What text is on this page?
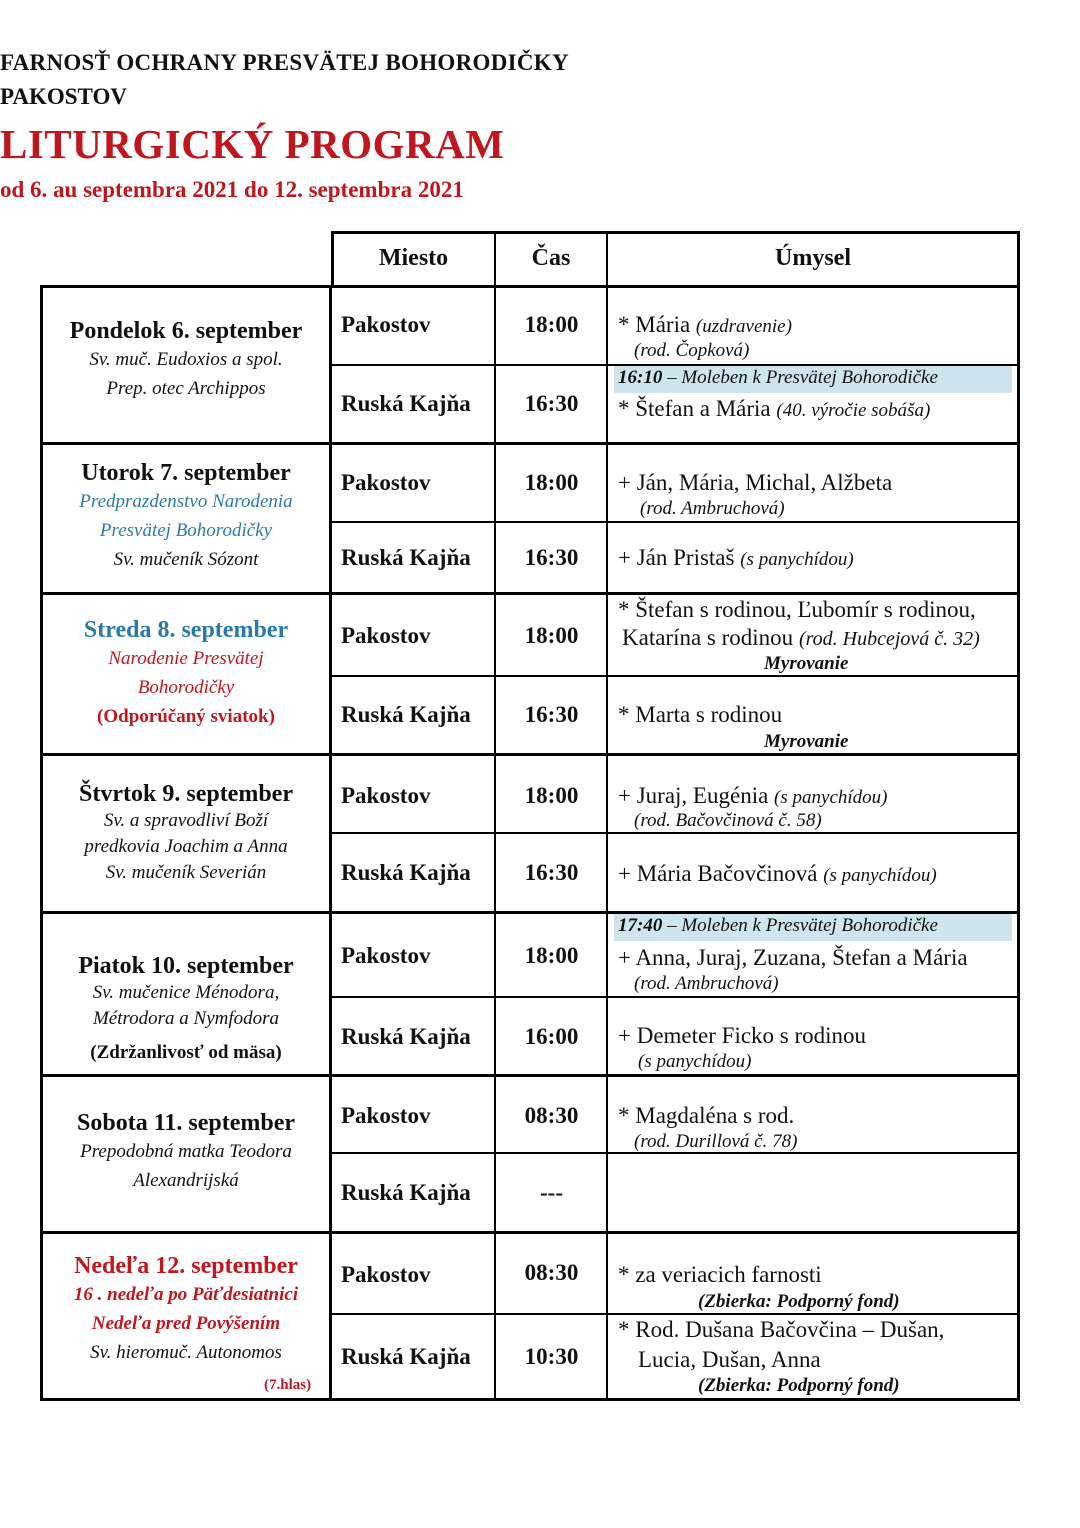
FARNOSŤ OCHRANY PRESVÄTEJ BOHORODIČKY
PAKOSTOV
LITURGICKÝ PROGRAM
od 6. au septembra 2021 do 12. septembra 2021
Miesto	Čas	Úmysel
Pondelok 6. september
Sv. muč. Eudoxios a spol.
Prep. otec Archippos
Pakostov	18:00	* Mária (uzdravenie)
(rod. Čopková)
Ruská Kajňa	16:30
16:10 – Moleben k Presvätej Bohorodičke
* Štefan a Mária (40. výročie sobáša)
Utorok 7. september
Predprazdenstvo Narodenia
Presvätej Bohorodičky
Sv. mučeník Sózont
Pakostov	18:00	+ Ján, Mária, Michal, Alžbeta
(rod. Ambruchová)
Ruská Kajňa	16:30	+ Ján Pristaš (s panychídou)
Streda 8. september
Narodenie Presvätej
Bohorodičky
(Odporúčaný sviatok)
Pakostov	18:00
* Štefan s rodinou, Ľubomír s rodinou,
Katarína s rodinou (rod. Hubcejová č. 32)
Myrovanie
Ruská Kajňa	16:30	* Marta s rodinou
Myrovanie
Štvrtok 9. september
Sv. a spravodliví Boží
predkovia Joachim a Anna
Sv. mučeník Severián
Pakostov	18:00	+ Juraj, Eugénia (s panychídou)
(rod. Bačovčinová č. 58)
Ruská Kajňa	16:30	+ Mária Bačovčinová (s panychídou)
Piatok 10. september
Sv. mučenice Ménodora,
Métrodora a Nymfodora
(Zdržanlivosť od mäsa)
Pakostov	18:00
17:40 – Moleben k Presvätej Bohorodičke
+ Anna, Juraj, Zuzana, Štefan a Mária
(rod. Ambruchová)
Ruská Kajňa	16:00	+ Demeter Ficko s rodinou
(s panychídou)
Sobota 11. september
Prepodobná matka Teodora
Alexandrijská
Pakostov	08:30	* Magdaléna s rod.
(rod. Durillová č. 78)
Ruská Kajňa	---
Nedeľa 12. september
16 . nedeľa po Päťdesiatnici
Nedeľa pred Povýšením
Sv. hieromuč. Autonomos
(7.hlas)
Pakostov	08:30	* za veriacich farnosti
(Zbierka: Podporný fond)
Ruská Kajňa	10:30
* Rod. Dušana Bačovčina – Dušan,
Lucia, Dušan, Anna
(Zbierka: Podporný fond)
